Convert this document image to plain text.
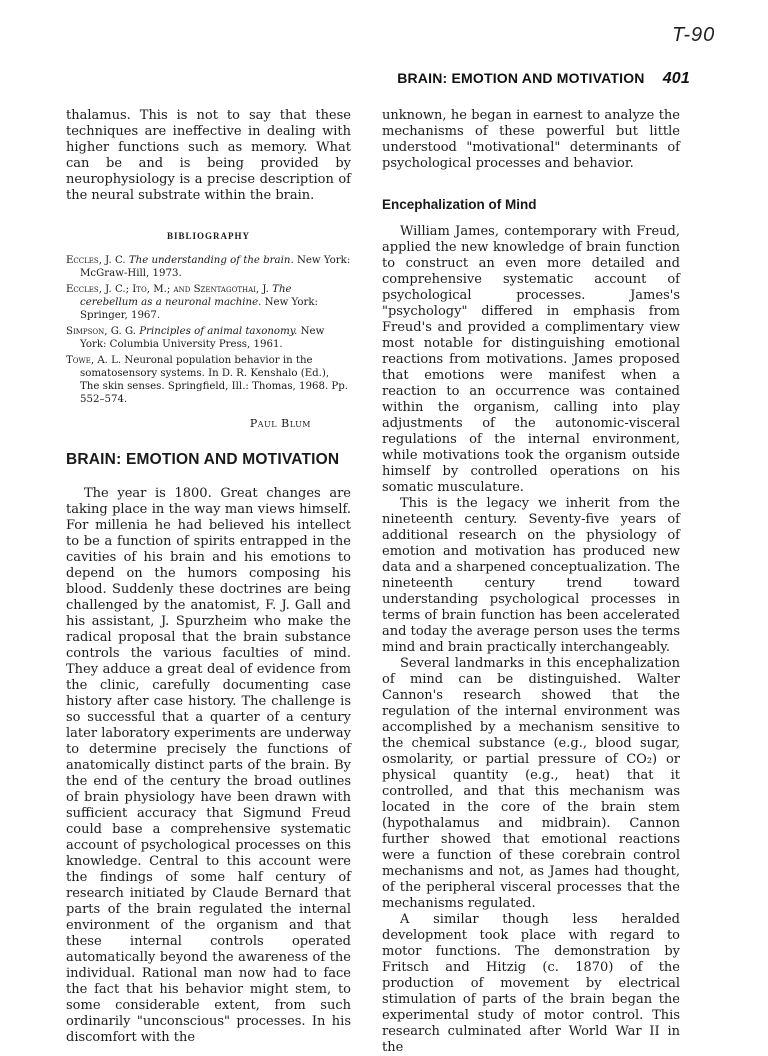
T-90
BRAIN: EMOTION AND MOTIVATION 401

thalamus. This is not to say that these techniques are ineffective in dealing with higher functions such as memory. What can be and is being provided by neurophysiology is a precise description of the neural substrate within the brain.

BIBLIOGRAPHY
Eccles, J. C. The understanding of the brain. New York: McGraw-Hill, 1973.
Eccles, J. C.; Ito, M.; and Szentagothai, J. The cerebellum as a neuronal machine. New York: Springer, 1967.
Simpson, G. G. Principles of animal taxonomy. New York: Columbia University Press, 1961.
Towe, A. L. Neuronal population behavior in the somatosensory systems. In D. R. Kenshalo (Ed.), The skin senses. Springfield, Ill.: Thomas, 1968. Pp. 552–574.
Paul Blum
BRAIN: EMOTION AND MOTIVATION

The year is 1800. Great changes are taking place in the way man views himself. For millenia he had believed his intellect to be a function of spirits entrapped in the cavities of his brain and his emotions to depend on the humors composing his blood. Suddenly these doctrines are being challenged by the anatomist, F. J. Gall and his assistant, J. Spurzheim who make the radical proposal that the brain substance controls the various faculties of mind. They adduce a great deal of evidence from the clinic, carefully documenting case history after case history. The challenge is so successful that a quarter of a century later laboratory experiments are underway to determine precisely the functions of anatomically distinct parts of the brain. By the end of the century the broad outlines of brain physiology have been drawn with sufficient accuracy that Sigmund Freud could base a comprehensive systematic account of psychological processes on this knowledge. Central to this account were the findings of some half century of research initiated by Claude Bernard that parts of the brain regulated the internal environment of the organism and that these internal controls operated automatically beyond the awareness of the individual. Rational man now had to face the fact that his behavior might stem, to some considerable extent, from such ordinarily "unconscious" processes. In his discomfort with the

unknown, he began in earnest to analyze the mechanisms of these powerful but little understood "motivational" determinants of psychological processes and behavior.

Encephalization of Mind

William James, contemporary with Freud, applied the new knowledge of brain function to construct an even more detailed and comprehensive systematic account of psychological processes. James's "psychology" differed in emphasis from Freud's and provided a complimentary view most notable for distinguishing emotional reactions from motivations. James proposed that emotions were manifest when a reaction to an occurrence was contained within the organism, calling into play adjustments of the autonomic-visceral regulations of the internal environment, while motivations took the organism outside himself by controlled operations on his somatic musculature.

This is the legacy we inherit from the nineteenth century. Seventy-five years of additional research on the physiology of emotion and motivation has produced new data and a sharpened conceptualization. The nineteenth century trend toward understanding psychological processes in terms of brain function has been accelerated and today the average person uses the terms mind and brain practically interchangeably.

Several landmarks in this encephalization of mind can be distinguished. Walter Cannon's research showed that the regulation of the internal environment was accomplished by a mechanism sensitive to the chemical substance (e.g., blood sugar, osmolarity, or partial pressure of CO₂) or physical quantity (e.g., heat) that it controlled, and that this mechanism was located in the core of the brain stem (hypothalamus and midbrain). Cannon further showed that emotional reactions were a function of these corebrain control mechanisms and not, as James had thought, of the peripheral visceral processes that the mechanisms regulated.

A similar though less heralded development took place with regard to motor functions. The demonstration by Fritsch and Hitzig (c. 1870) of the production of movement by electrical stimulation of parts of the brain began the experimental study of motor control. This research culminated after World War II in the
